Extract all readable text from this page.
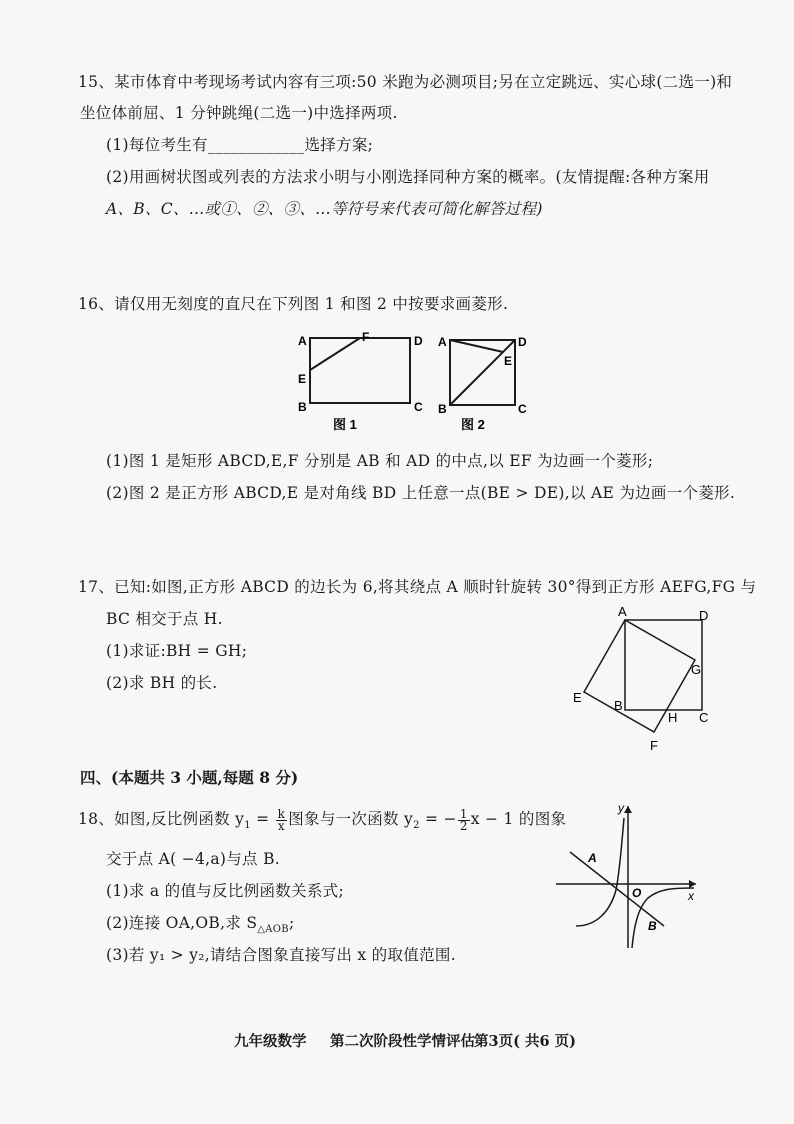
15、某市体育中考现场考试内容有三项:50 米跑为必测项目;另在立定跳远、实心球(二选一)和
坐位体前屈、1 分钟跳绳(二选一)中选择两项.
(1)每位考生有____________选择方案;
(2)用画树状图或列表的方法求小明与小刚选择同种方案的概率。(友情提醒:各种方案用
A、B、C、…或①、②、③、…等符号来代表可简化解答过程)
16、请仅用无刻度的直尺在下列图 1 和图 2 中按要求画菱形.
A
B	C
D
E
F
图 1
A
B	C
D
E
图 2
(1)图 1 是矩形 ABCD,E,F 分别是 AB 和 AD 的中点,以 EF 为边画一个菱形;
(2)图 2 是正方形 ABCD,E 是对角线 BD 上任意一点(BE > DE),以 AE 为边画一个菱形.
17、已知:如图,正方形 ABCD 的边长为 6,将其绕点 A 顺时针旋转 30°得到正方形 AEFG,FG 与
BC 相交于点 H.
(1)求证:BH = GH;
(2)求 BH 的长.
A
B
C
D
E
F
G
H
四、(本题共 3 小题,每题 8 分)
18、如图,反比例函数 $y_1 = \frac{k}{x}$ 图象与一次函数 $y_2$ = − $\frac{1}{2}$ x − 1 的图象
交于点 A( −4,a)与点 B.
(1)求 a 的值与反比例函数关系式;
(2)连接 OA,OB,求 $S_{\triangle AOB}$;
(3)若 y₁ > y₂,请结合图象直接写出 x 的取值范围.
x
y
O
A
B
九年级数学 第二次阶段性学情评估 第3页( 共6 页)
